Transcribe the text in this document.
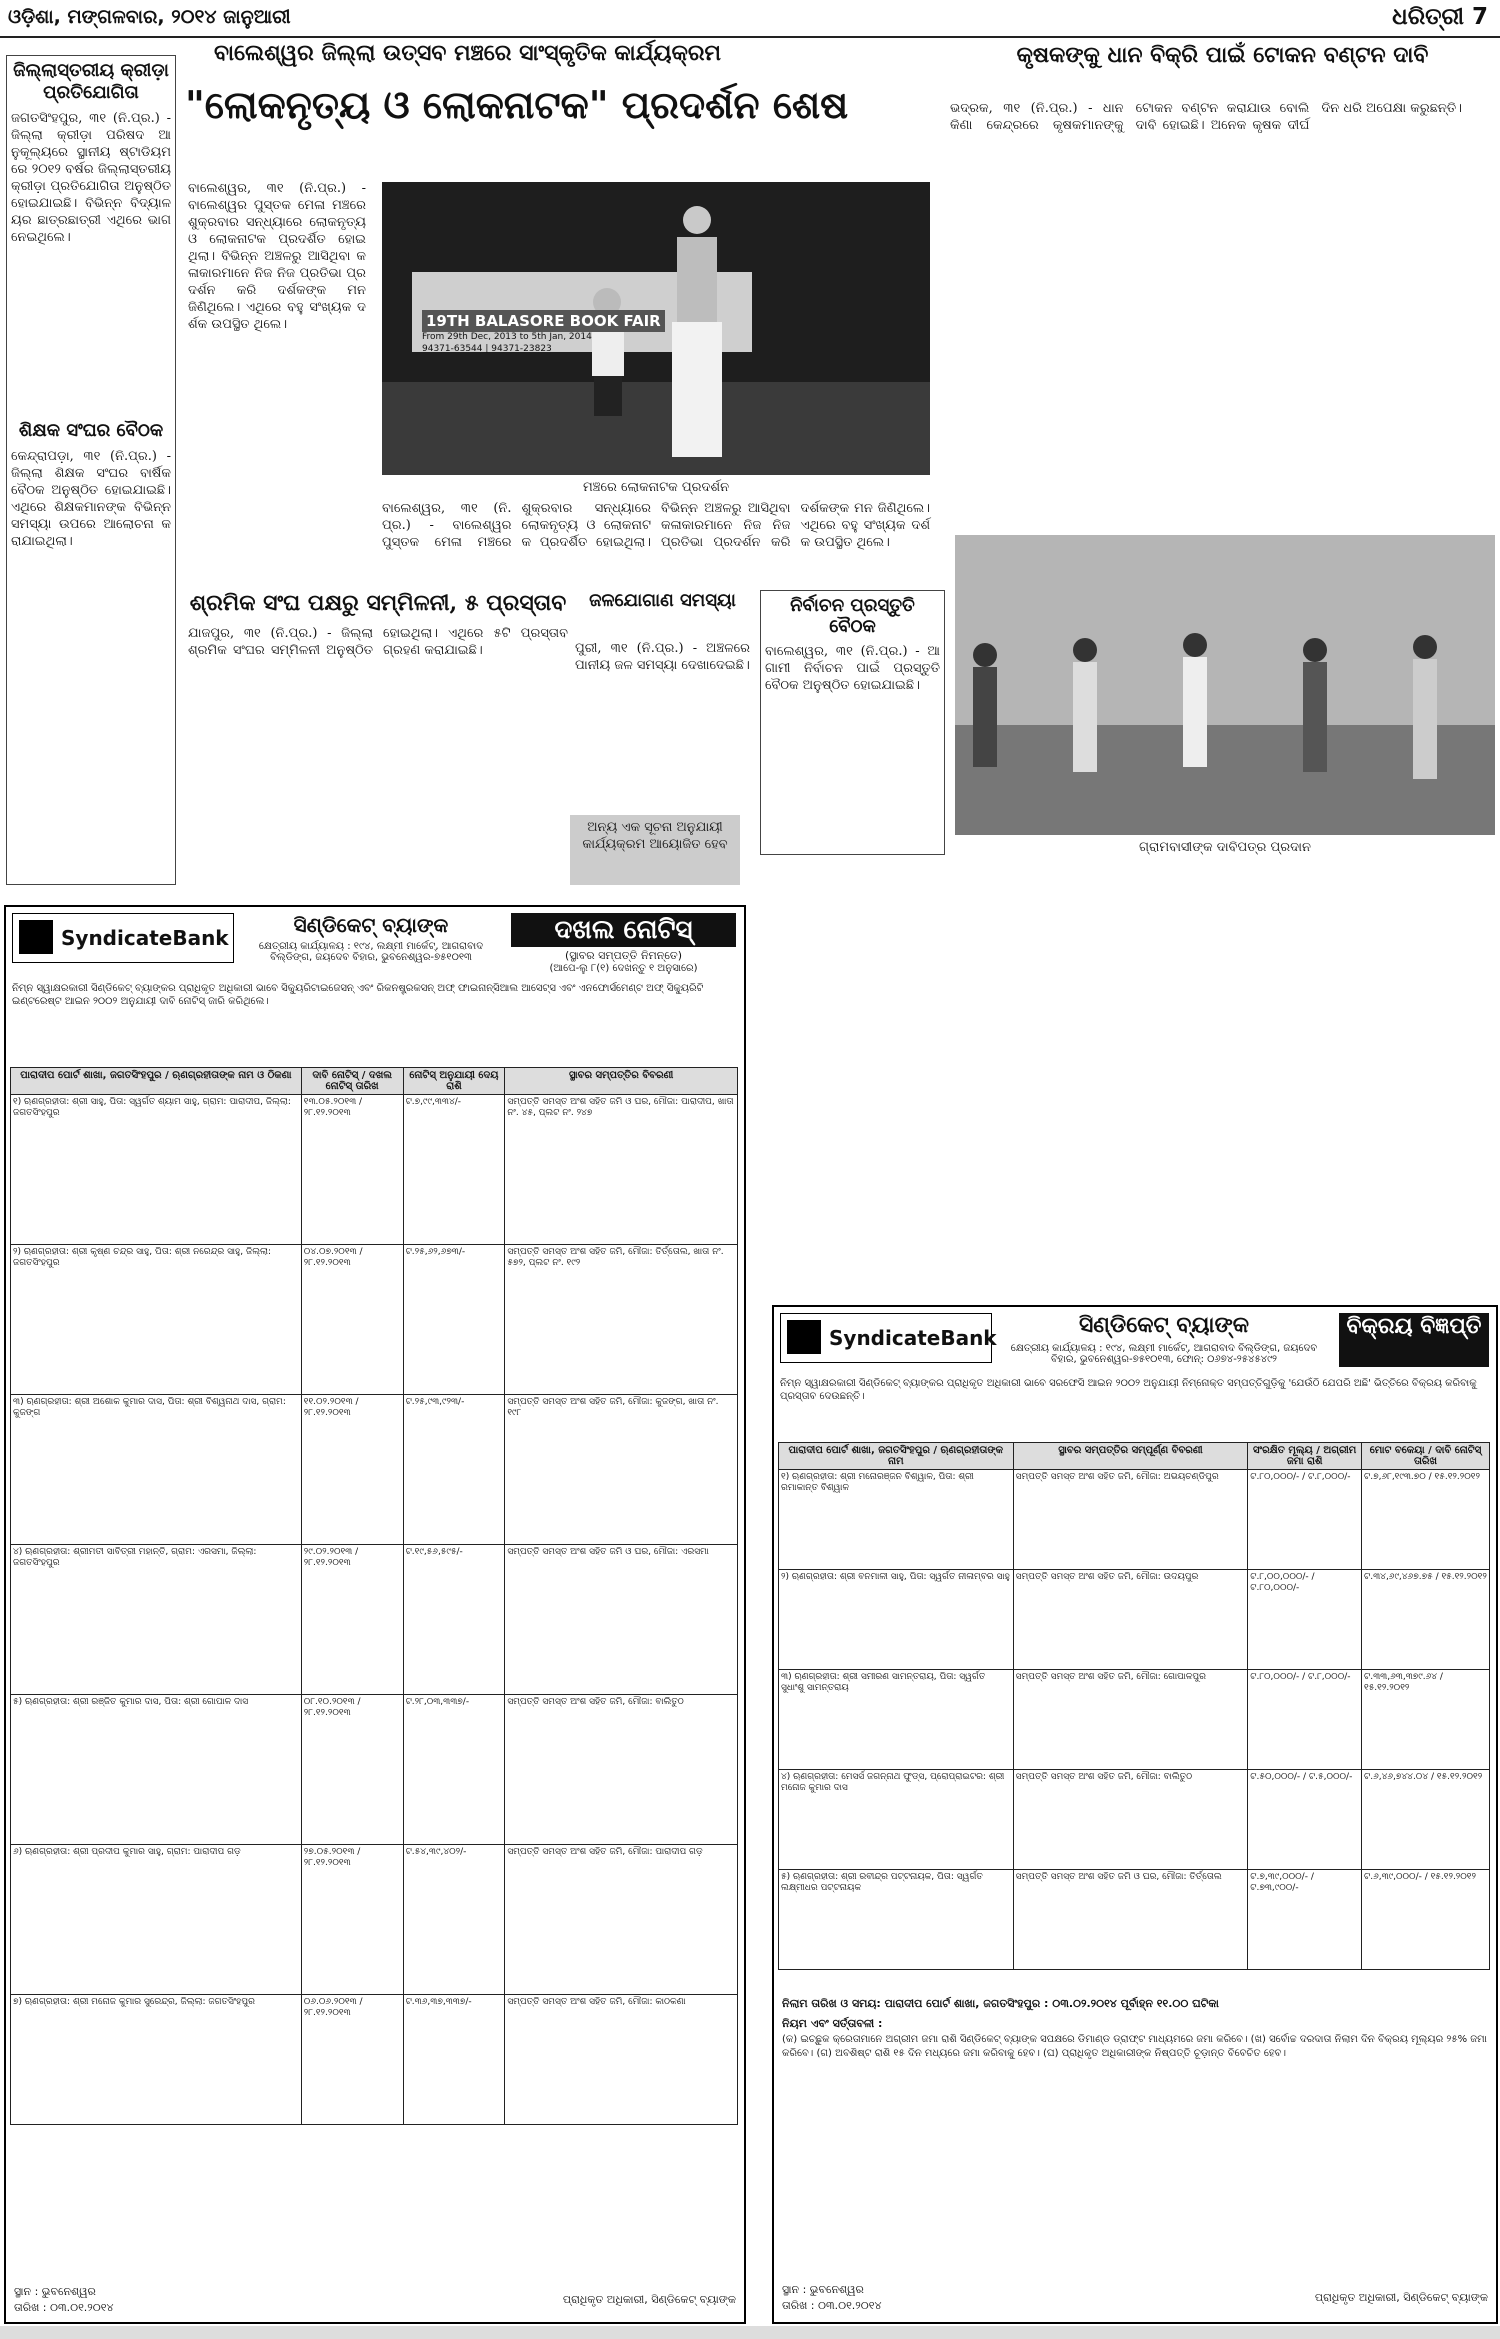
ଓଡ଼ିଶା, ମଙ୍ଗଳବାର, ୨୦୧୪ ଜାନୁଆରୀ	ଧରିତ୍ରୀ 7
ଜିଲ୍ଲାସ୍ତରୀୟ କ୍ରୀଡ଼ା ପ୍ରତିଯୋଗିତା
ଜଗତସିଂହପୁର, ୩୧ (ନି.ପ୍ର.) - ଜିଲ୍ଲା କ୍ରୀଡ଼ା ପରିଷଦ ଆନୁକୂଲ୍ୟରେ ସ୍ଥାନୀୟ ଷ୍ଟାଡିୟମରେ ୨୦୧୨ ବର୍ଷର ଜିଲ୍ଲାସ୍ତରୀୟ କ୍ରୀଡ଼ା ପ୍ରତିଯୋଗିତା ଅନୁଷ୍ଠିତ ହୋଇଯାଇଛି। ବିଭିନ୍ନ ବିଦ୍ୟାଳୟର ଛାତ୍ରଛାତ୍ରୀ ଏଥିରେ ଭାଗ ନେଇଥିଲେ।
ଶିକ୍ଷକ ସଂଘର ବୈଠକ
କେନ୍ଦ୍ରାପଡ଼ା, ୩୧ (ନି.ପ୍ର.) - ଜିଲ୍ଲା ଶିକ୍ଷକ ସଂଘର ବାର୍ଷିକ ବୈଠକ ଅନୁଷ୍ଠିତ ହୋଇଯାଇଛି। ଏଥିରେ ଶିକ୍ଷକମାନଙ୍କ ବିଭିନ୍ନ ସମସ୍ୟା ଉପରେ ଆଲୋଚନା କରାଯାଇଥିଲା।
ବାଲେଶ୍ୱର ଜିଲ୍ଲା ଉତ୍ସବ ମଞ୍ଚରେ ସାଂସ୍କୃତିକ କାର୍ଯ୍ୟକ୍ରମ
"ଲୋକନୃତ୍ୟ ଓ ଲୋକନାଟକ" ପ୍ରଦର୍ଶନ ଶେଷ
ବାଲେଶ୍ୱର, ୩୧ (ନି.ପ୍ର.) - ବାଲେଶ୍ୱର ପୁସ୍ତକ ମେଳା ମଞ୍ଚରେ ଶୁକ୍ରବାର ସନ୍ଧ୍ୟାରେ ଲୋକନୃତ୍ୟ ଓ ଲୋକନାଟକ ପ୍ରଦର୍ଶିତ ହୋଇଥିଲା। ବିଭିନ୍ନ ଅଞ୍ଚଳରୁ ଆସିଥିବା କଳାକାରମାନେ ନିଜ ନିଜ ପ୍ରତିଭା ପ୍ରଦର୍ଶନ କରି ଦର୍ଶକଙ୍କ ମନ ଜିଣିଥିଲେ। ଏଥିରେ ବହୁ ସଂଖ୍ୟକ ଦର୍ଶକ ଉପସ୍ଥିତ ଥିଲେ।	19TH BALASORE BOOK FAIR
From 29th Dec, 2013 to 5th Jan, 2014
94371-63544 | 94371-23823
ମଞ୍ଚରେ ଲୋକନାଟକ ପ୍ରଦର୍ଶନ
ବାଲେଶ୍ୱର, ୩୧ (ନି.ପ୍ର.) - ବାଲେଶ୍ୱର ପୁସ୍ତକ ମେଳା ମଞ୍ଚରେ ଶୁକ୍ରବାର ସନ୍ଧ୍ୟାରେ ଲୋକନୃତ୍ୟ ଓ ଲୋକନାଟକ ପ୍ରଦର୍ଶିତ ହୋଇଥିଲା। ବିଭିନ୍ନ ଅଞ୍ଚଳରୁ ଆସିଥିବା କଳାକାରମାନେ ନିଜ ନିଜ ପ୍ରତିଭା ପ୍ରଦର୍ଶନ କରି ଦର୍ଶକଙ୍କ ମନ ଜିଣିଥିଲେ। ଏଥିରେ ବହୁ ସଂଖ୍ୟକ ଦର୍ଶକ ଉପସ୍ଥିତ ଥିଲେ।
କୃଷକଙ୍କୁ ଧାନ ବିକ୍ରି ପାଇଁ ଟୋକନ ବଣ୍ଟନ ଦାବି
ଭଦ୍ରକ, ୩୧ (ନି.ପ୍ର.) - ଧାନ କିଣା କେନ୍ଦ୍ରରେ କୃଷକମାନଙ୍କୁ ଟୋକନ ବଣ୍ଟନ କରାଯାଉ ବୋଲି ଦାବି ହୋଇଛି। ଅନେକ କୃଷକ ଦୀର୍ଘ ଦିନ ଧରି ଅପେକ୍ଷା କରୁଛନ୍ତି।
ଶ୍ରମିକ ସଂଘ ପକ୍ଷରୁ ସମ୍ମିଳନୀ, ୫ ପ୍ରସ୍ତାବ
ଯାଜପୁର, ୩୧ (ନି.ପ୍ର.) - ଜିଲ୍ଲା ଶ୍ରମିକ ସଂଘର ସମ୍ମିଳନୀ ଅନୁଷ୍ଠିତ ହୋଇଥିଲା। ଏଥିରେ ୫ଟି ପ୍ରସ୍ତାବ ଗ୍ରହଣ କରାଯାଇଛି।
ଜଳଯୋଗାଣ ସମସ୍ୟା
ପୁରୀ, ୩୧ (ନି.ପ୍ର.) - ଅଞ୍ଚଳରେ ପାନୀୟ ଜଳ ସମସ୍ୟା ଦେଖାଦେଇଛି।
ଅନ୍ୟ ଏକ ସୂଚନା ଅନୁଯାୟୀ କାର୍ଯ୍ୟକ୍ରମ ଆୟୋଜିତ ହେବ
ନିର୍ବାଚନ ପ୍ରସ୍ତୁତି ବୈଠକ
ବାଲେଶ୍ୱର, ୩୧ (ନି.ପ୍ର.) - ଆଗାମୀ ନିର୍ବାଚନ ପାଇଁ ପ୍ରସ୍ତୁତି ବୈଠକ ଅନୁଷ୍ଠିତ ହୋଇଯାଇଛି।
ଗ୍ରାମବାସୀଙ୍କ ଦାବିପତ୍ର ପ୍ରଦାନ
SyndicateBank
ସିଣ୍ଡିକେଟ୍ ବ୍ୟାଙ୍କ
କ୍ଷେତ୍ରୀୟ କାର୍ଯ୍ୟାଳୟ : ୧୯୪, ଲକ୍ଷ୍ମୀ ମାର୍କେଟ୍, ଆଗରାବାଦ ବିଲ୍ଡିଙ୍ଗ, ଜୟଦେବ ବିହାର, ଭୁବନେଶ୍ୱର-୭୫୧୦୧୩
ଦଖଲ ନୋଟିସ୍
(ସ୍ଥାବର ସମ୍ପତ୍ତି ନିମନ୍ତେ)
(ଆପେ-ଲୁ ୮(୧) ଦେଖନ୍ତୁ ୧ ଅନୁସାରେ)
ନିମ୍ନ ସ୍ୱାକ୍ଷରକାରୀ ସିଣ୍ଡିକେଟ୍ ବ୍ୟାଙ୍କର ପ୍ରାଧିକୃତ ଅଧିକାରୀ ଭାବେ ସିକ୍ୟୁରିଟାଇଜେସନ୍ ଏବଂ ରିକନଷ୍ଟ୍ରକସନ୍ ଅଫ୍ ଫାଇନାନ୍ସିଆଲ ଆସେଟ୍ସ ଏବଂ ଏନଫୋର୍ସମେଣ୍ଟ ଅଫ୍ ସିକ୍ୟୁରିଟି ଇଣ୍ଟରେଷ୍ଟ ଆଇନ ୨୦୦୨ ଅନୁଯାୟୀ ଦାବି ନୋଟିସ୍ ଜାରି କରିଥିଲେ।
ପାରାଦୀପ ପୋର୍ଟ ଶାଖା, ଜଗତସିଂହପୁର / ଋଣଗ୍ରହୀତାଙ୍କ ନାମ ଓ ଠିକଣା	ଦାବି ନୋଟିସ୍ / ଦଖଲ ନୋଟିସ୍ ତାରିଖ	ନୋଟିସ୍ ଅନୁଯାୟୀ ଦେୟ ରାଶି	ସ୍ଥାବର ସମ୍ପତ୍ତିର ବିବରଣୀ
୧) ଋଣଗ୍ରହୀତା: ଶ୍ରୀ ସାହୁ, ପିତା: ସ୍ୱର୍ଗତ ଶ୍ୟାମ ସାହୁ, ଗ୍ରାମ: ପାରାଦୀପ, ଜିଲ୍ଲା: ଜଗତସିଂହପୁର	୧୩.୦୫.୨୦୧୩ / ୨୮.୧୨.୨୦୧୩	ଟ.୭,୯୯,୩୩୪/-	ସମ୍ପତ୍ତି ସମସ୍ତ ଅଂଶ ସହିତ ଜମି ଓ ଘର, ମୌଜା: ପାରାଦୀପ, ଖାତା ନଂ. ୪୫, ପ୍ଲଟ ନଂ. ୨୪୭
୨) ଋଣଗ୍ରହୀତା: ଶ୍ରୀ କୃଷ୍ଣ ଚନ୍ଦ୍ର ସାହୁ, ପିତା: ଶ୍ରୀ ନରେନ୍ଦ୍ର ସାହୁ, ଜିଲ୍ଲା: ଜଗତସିଂହପୁର	୦୪.୦୭.୨୦୧୩ / ୨୮.୧୨.୨୦୧୩	ଟ.୨୫,୬୨,୬୭୩/-	ସମ୍ପତ୍ତି ସମସ୍ତ ଅଂଶ ସହିତ ଜମି, ମୌଜା: ତିର୍ତ୍ତୋଲ, ଖାତା ନଂ. ୫୭୨, ପ୍ଲଟ ନଂ. ୧୯୨
୩) ଋଣଗ୍ରହୀତା: ଶ୍ରୀ ଅଶୋକ କୁମାର ଦାସ, ପିତା: ଶ୍ରୀ ବିଶ୍ୱନାଥ ଦାସ, ଗ୍ରାମ: କୁଜଙ୍ଗ	୧୧.୦୨.୨୦୧୩ / ୨୮.୧୨.୨୦୧୩	ଟ.୨୫,୯୩,୯୨୩/-	ସମ୍ପତ୍ତି ସମସ୍ତ ଅଂଶ ସହିତ ଜମି, ମୌଜା: କୁଜଙ୍ଗ, ଖାତା ନଂ. ୧୯୮
୪) ଋଣଗ୍ରହୀତା: ଶ୍ରୀମତୀ ସାବିତ୍ରୀ ମହାନ୍ତି, ଗ୍ରାମ: ଏରସମା, ଜିଲ୍ଲା: ଜଗତସିଂହପୁର	୨୯.୦୨.୨୦୧୩ / ୨୮.୧୨.୨୦୧୩	ଟ.୧୯,୫୬,୫୯୫/-	ସମ୍ପତ୍ତି ସମସ୍ତ ଅଂଶ ସହିତ ଜମି ଓ ଘର, ମୌଜା: ଏରସମା
୫) ଋଣଗ୍ରହୀତା: ଶ୍ରୀ ରଞ୍ଜିତ କୁମାର ଦାସ, ପିତା: ଶ୍ରୀ ଗୋପାଳ ଦାସ	୦୮.୧୦.୨୦୧୩ / ୨୮.୧୨.୨୦୧୩	ଟ.୨୮,୦୩,୩୩୭/-	ସମ୍ପତ୍ତି ସମସ୍ତ ଅଂଶ ସହିତ ଜମି, ମୌଜା: ବାଲିତୁଠ
୬) ଋଣଗ୍ରହୀତା: ଶ୍ରୀ ପ୍ରଦୀପ କୁମାର ସାହୁ, ଗ୍ରାମ: ପାରାଦୀପ ଗଡ଼	୨୭.୦୫.୨୦୧୩ / ୨୮.୧୨.୨୦୧୩	ଟ.୫୪,୩୯,୪୦୨/-	ସମ୍ପତ୍ତି ସମସ୍ତ ଅଂଶ ସହିତ ଜମି, ମୌଜା: ପାରାଦୀପ ଗଡ଼
୭) ଋଣଗ୍ରହୀତା: ଶ୍ରୀ ମନୋଜ କୁମାର ସୁରେନ୍ଦ୍ର, ଜିଲ୍ଲା: ଜଗତସିଂହପୁର	୦୬.୦୬.୨୦୧୩ / ୨୮.୧୨.୨୦୧୩	ଟ.୩୬,୩୭,୩୩୭/-	ସମ୍ପତ୍ତି ସମସ୍ତ ଅଂଶ ସହିତ ଜମି, ମୌଜା: କାଠକଣା
ସ୍ଥାନ : ଭୁବନେଶ୍ୱର
ତାରିଖ : ୦୩.୦୧.୨୦୧୪
ପ୍ରାଧିକୃତ ଅଧିକାରୀ, ସିଣ୍ଡିକେଟ୍ ବ୍ୟାଙ୍କ
SyndicateBank	ସିଣ୍ଡିକେଟ୍ ବ୍ୟାଙ୍କ
କ୍ଷେତ୍ରୀୟ କାର୍ଯ୍ୟାଳୟ : ୧୯୪, ଲକ୍ଷ୍ମୀ ମାର୍କେଟ୍, ଆଗରାବାଦ ବିଲ୍ଡିଙ୍ଗ, ଜୟଦେବ ବିହାର, ଭୁବନେଶ୍ୱର-୭୫୧୦୧୩, ଫୋନ୍: ୦୬୭୪-୨୫୪୫୪୯୨
ବିକ୍ରୟ ବିଜ୍ଞପ୍ତି
ନିମ୍ନ ସ୍ୱାକ୍ଷରକାରୀ ସିଣ୍ଡିକେଟ୍ ବ୍ୟାଙ୍କର ପ୍ରାଧିକୃତ ଅଧିକାରୀ ଭାବେ ସରଫେସି ଆଇନ ୨୦୦୨ ଅନୁଯାୟୀ ନିମ୍ନୋକ୍ତ ସମ୍ପତ୍ତିଗୁଡ଼ିକୁ 'ଯେଉଁଠି ଯେପରି ଅଛି' ଭିତ୍ତିରେ ବିକ୍ରୟ କରିବାକୁ ପ୍ରସ୍ତାବ ଦେଉଛନ୍ତି।
ପାରାଦୀପ ପୋର୍ଟ ଶାଖା, ଜଗତସିଂହପୁର / ଋଣଗ୍ରହୀତାଙ୍କ ନାମ	ସ୍ଥାବର ସମ୍ପତ୍ତିର ସମ୍ପୂର୍ଣ୍ଣ ବିବରଣୀ	ସଂରକ୍ଷିତ ମୂଲ୍ୟ / ଅଗ୍ରୀମ ଜମା ରାଶି	ମୋଟ ବକେୟା / ଦାବି ନୋଟିସ୍ ତାରିଖ
୧) ଋଣଗ୍ରହୀତା: ଶ୍ରୀ ମନୋରଞ୍ଜନ ବିଶ୍ୱାଳ, ପିତା: ଶ୍ରୀ ରମାକାନ୍ତ ବିଶ୍ୱାଳ	ସମ୍ପତ୍ତି ସମସ୍ତ ଅଂଶ ସହିତ ଜମି, ମୌଜା: ଅଭୟଚଣ୍ଡିପୁର	ଟ.୮୦,୦୦୦/- / ଟ.୮,୦୦୦/-	ଟ.୭,୬୮,୧୯୩.୭୦ / ୧୫.୧୨.୨୦୧୨
୨) ଋଣଗ୍ରହୀତା: ଶ୍ରୀ ବନମାଳୀ ସାହୁ, ପିତା: ସ୍ୱର୍ଗତ ନୀଳାମ୍ବର ସାହୁ	ସମ୍ପତ୍ତି ସମସ୍ତ ଅଂଶ ସହିତ ଜମି, ମୌଜା: ଉଦୟପୁର	ଟ.୮,୦୦,୦୦୦/- / ଟ.୮୦,୦୦୦/-	ଟ.୩୪,୬୯,୪୬୭.୭୫ / ୧୫.୧୨.୨୦୧୨
୩) ଋଣଗ୍ରହୀତା: ଶ୍ରୀ ସମୀରଣ ସାମନ୍ତରାୟ, ପିତା: ସ୍ୱର୍ଗତ ସୁଧାଂଶୁ ସାମନ୍ତରାୟ	ସମ୍ପତ୍ତି ସମସ୍ତ ଅଂଶ ସହିତ ଜମି, ମୌଜା: ଗୋପାଳପୁର	ଟ.୮୦,୦୦୦/- / ଟ.୮,୦୦୦/-	ଟ.୩୩,୬୩,୩୭୯.୬୪ / ୧୫.୧୨.୨୦୧୨
୪) ଋଣଗ୍ରହୀତା: ମେସର୍ସ ଜଗନ୍ନାଥ ଫୁଡ୍ସ, ପ୍ରୋପ୍ରାଇଟର: ଶ୍ରୀ ମନୋଜ କୁମାର ଦାସ	ସମ୍ପତ୍ତି ସମସ୍ତ ଅଂଶ ସହିତ ଜମି, ମୌଜା: ବାଲିତୁଠ	ଟ.୫୦,୦୦୦/- / ଟ.୫,୦୦୦/-	ଟ.୬,୪୬,୭୪୪.୦୪ / ୧୫.୧୨.୨୦୧୨
୫) ଋଣଗ୍ରହୀତା: ଶ୍ରୀ ରବୀନ୍ଦ୍ର ପଟ୍ଟନାୟକ, ପିତା: ସ୍ୱର୍ଗତ ଲକ୍ଷ୍ମୀଧର ପଟ୍ଟନାୟକ	ସମ୍ପତ୍ତି ସମସ୍ତ ଅଂଶ ସହିତ ଜମି ଓ ଘର, ମୌଜା: ତିର୍ତ୍ତୋଲ	ଟ.୭,୩୯,୦୦୦/- / ଟ.୭୩,୯୦୦/-	ଟ.୬,୩୯,୦୦୦/- / ୧୫.୧୨.୨୦୧୨
ନିଲାମ ତାରିଖ ଓ ସମୟ: ପାରାଦୀପ ପୋର୍ଟ ଶାଖା, ଜଗତସିଂହପୁର : ୦୩.୦୨.୨୦୧୪ ପୂର୍ବାହ୍ନ ୧୧.୦୦ ଘଟିକା
ନିୟମ ଏବଂ ସର୍ତ୍ତାବଳୀ :
(କ) ଇଚ୍ଛୁକ କ୍ରେତାମାନେ ଅଗ୍ରୀମ ଜମା ରାଶି ସିଣ୍ଡିକେଟ୍ ବ୍ୟାଙ୍କ ସପକ୍ଷରେ ଡିମାଣ୍ଡ ଡ୍ରାଫ୍ଟ ମାଧ୍ୟମରେ ଜମା କରିବେ। (ଖ) ସର୍ବୋଚ୍ଚ ଦରଦାତା ନିଲାମ ଦିନ ବିକ୍ରୟ ମୂଲ୍ୟର ୨୫% ଜମା କରିବେ। (ଗ) ଅବଶିଷ୍ଟ ରାଶି ୧୫ ଦିନ ମଧ୍ୟରେ ଜମା କରିବାକୁ ହେବ। (ଘ) ପ୍ରାଧିକୃତ ଅଧିକାରୀଙ୍କ ନିଷ୍ପତ୍ତି ଚୂଡ଼ାନ୍ତ ବିବେଚିତ ହେବ।
ସ୍ଥାନ : ଭୁବନେଶ୍ୱର
ତାରିଖ : ୦୩.୦୧.୨୦୧୪
ପ୍ରାଧିକୃତ ଅଧିକାରୀ, ସିଣ୍ଡିକେଟ୍ ବ୍ୟାଙ୍କ
